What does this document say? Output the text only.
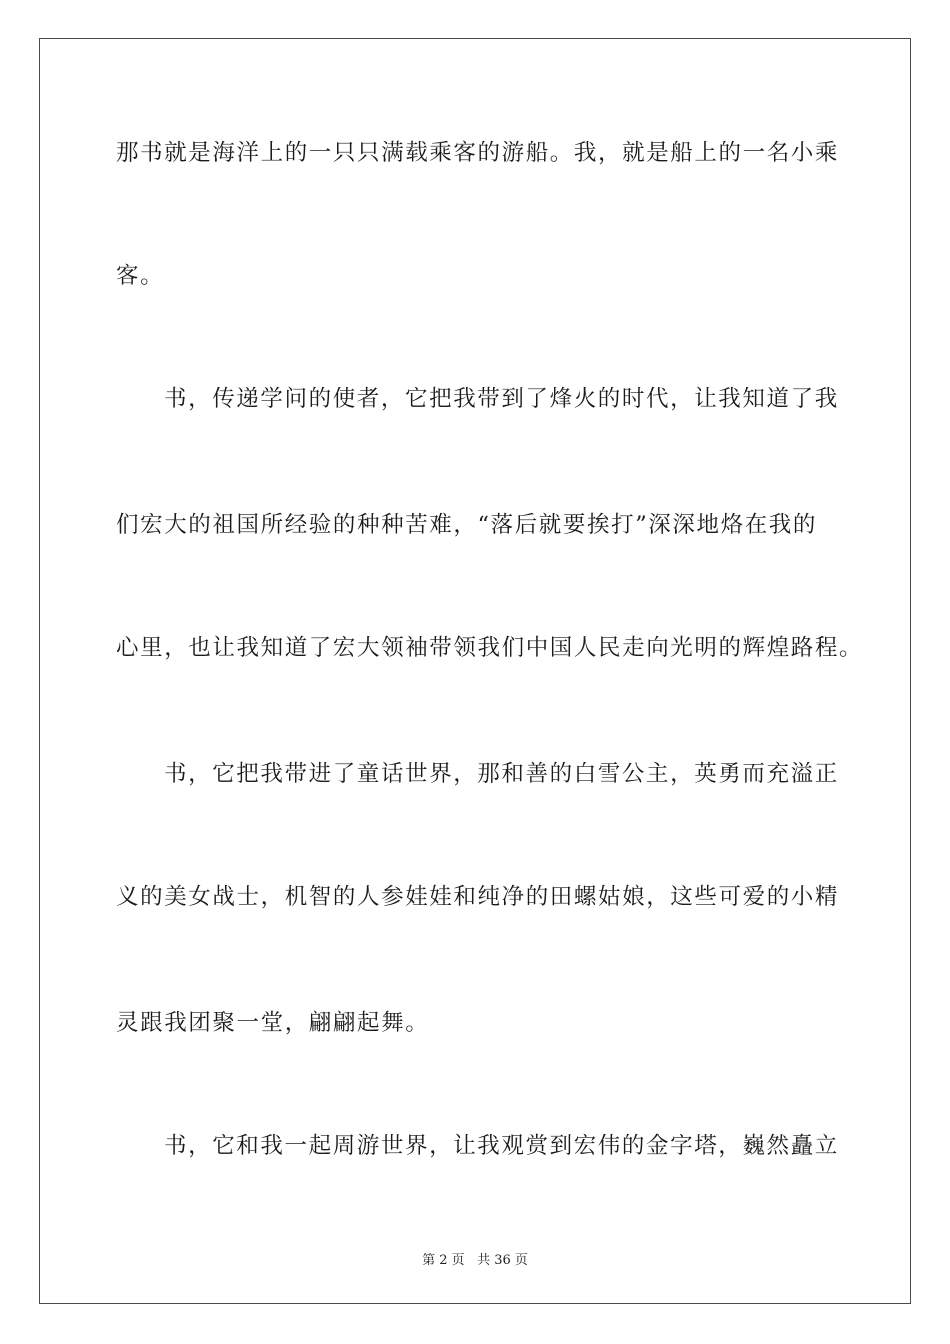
那书就是海洋上的一只只满载乘客的游船。我，就是船上的一名小乘
客。
书，传递学问的使者，它把我带到了烽火的时代，让我知道了我
们宏大的祖国所经验的种种苦难，“落后就要挨打”深深地烙在我的
心里，也让我知道了宏大领袖带领我们中国人民走向光明的辉煌路程。
书，它把我带进了童话世界，那和善的白雪公主，英勇而充溢正
义的美女战士，机智的人参娃娃和纯净的田螺姑娘，这些可爱的小精
灵跟我团聚一堂，翩翩起舞。
书，它和我一起周游世界，让我观赏到宏伟的金字塔，巍然矗立
第 2 页 共 36 页
